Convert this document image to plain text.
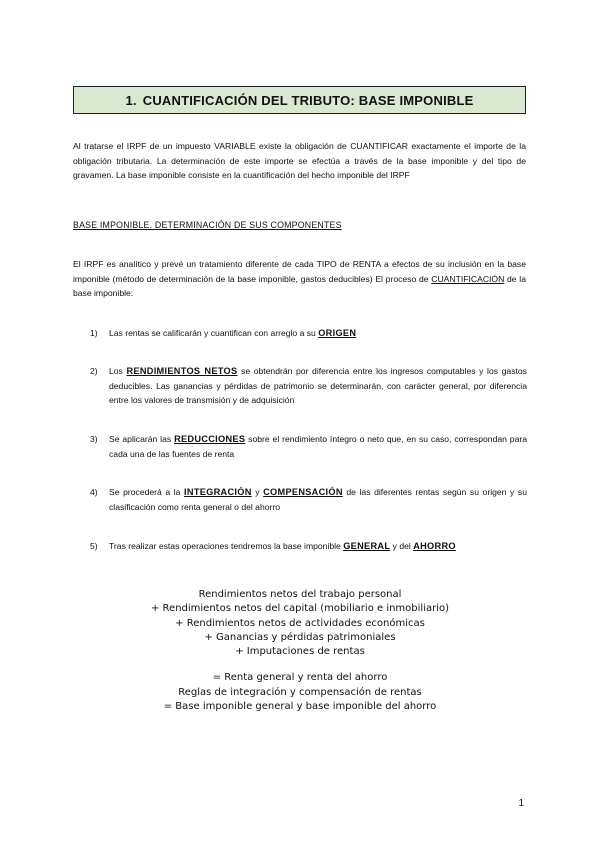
1. CUANTIFICACIÓN DEL TRIBUTO: BASE IMPONIBLE
Al tratarse el IRPF de un impuesto VARIABLE existe la obligación de CUANTIFICAR exactamente el importe de la obligación tributaria. La determinación de este importe se efectúa a través de la base imponible y del tipo de gravamen. La base imponible consiste en la cuantificación del hecho imponible del IRPF
BASE IMPONIBLE. DETERMINACIÓN DE SUS COMPONENTES
El IRPF es analítico y prevé un tratamiento diferente de cada TIPO de RENTA a efectos de su inclusión en la base imponible (método de determinación de la base imponible, gastos deducibles) El proceso de CUANTIFICACIÓN de la base imponible:
1)	Las rentas se calificarán y cuantifican con arreglo a su ORIGEN
2)	Los RENDIMIENTOS NETOS se obtendrán por diferencia entre los ingresos computables y los gastos deducibles. Las ganancias y pérdidas de patrimonio se determinarán, con carácter general, por diferencia entre los valores de transmisión y de adquisición
3)	Se aplicarán las REDUCCIONES sobre el rendimiento íntegro o neto que, en su caso, correspondan para cada una de las fuentes de renta
4)	Se procederá a la INTEGRACIÓN y COMPENSACIÓN de las diferentes rentas según su origen y su clasificación como renta general o del ahorro
5)	Tras realizar estas operaciones tendremos la base imponible GENERAL y del AHORRO
Rendimientos netos del trabajo personal
+ Rendimientos netos del capital (mobiliario e inmobiliario)
+ Rendimientos netos de actividades económicas
+ Ganancias y pérdidas patrimoniales
+ Imputaciones de rentas
= Renta general y renta del ahorro
Reglas de integración y compensación de rentas
= Base imponible general y base imponible del ahorro
1
